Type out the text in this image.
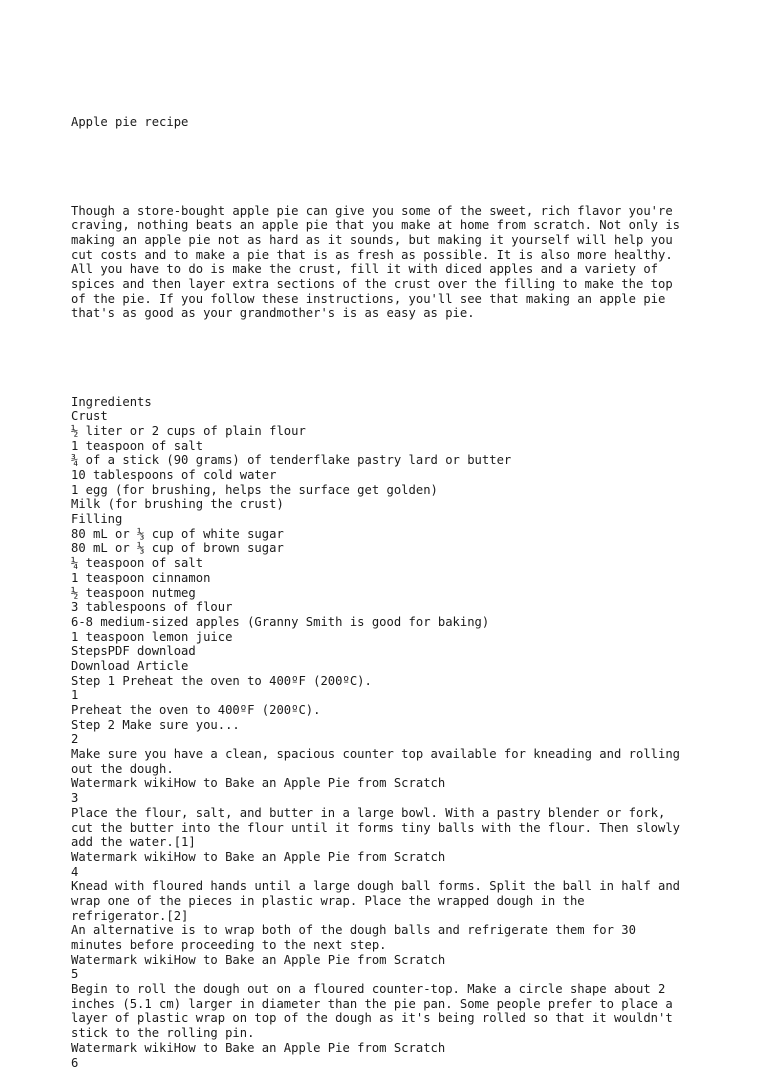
Apple pie recipe

Though a store-bought apple pie can give you some of the sweet, rich flavor you're
craving, nothing beats an apple pie that you make at home from scratch. Not only is
making an apple pie not as hard as it sounds, but making it yourself will help you
cut costs and to make a pie that is as fresh as possible. It is also more healthy.
All you have to do is make the crust, fill it with diced apples and a variety of
spices and then layer extra sections of the crust over the filling to make the top
of the pie. If you follow these instructions, you'll see that making an apple pie
that's as good as your grandmother's is as easy as pie.

Ingredients
Crust
½ liter or 2 cups of plain flour
1 teaspoon of salt
¾ of a stick (90 grams) of tenderflake pastry lard or butter
10 tablespoons of cold water
1 egg (for brushing, helps the surface get golden)
Milk (for brushing the crust)
Filling
80 mL or ⅓ cup of white sugar
80 mL or ⅓ cup of brown sugar
¼ teaspoon of salt
1 teaspoon cinnamon
½ teaspoon nutmeg
3 tablespoons of flour
6-8 medium-sized apples (Granny Smith is good for baking)
1 teaspoon lemon juice
StepsPDF download
Download Article
Step 1 Preheat the oven to 400ºF (200ºC).
1
Preheat the oven to 400ºF (200ºC).
Step 2 Make sure you...
2
Make sure you have a clean, spacious counter top available for kneading and rolling
out the dough.
Watermark wikiHow to Bake an Apple Pie from Scratch
3
Place the flour, salt, and butter in a large bowl. With a pastry blender or fork,
cut the butter into the flour until it forms tiny balls with the flour. Then slowly
add the water.[1]
Watermark wikiHow to Bake an Apple Pie from Scratch
4
Knead with floured hands until a large dough ball forms. Split the ball in half and
wrap one of the pieces in plastic wrap. Place the wrapped dough in the
refrigerator.[2]
An alternative is to wrap both of the dough balls and refrigerate them for 30
minutes before proceeding to the next step.
Watermark wikiHow to Bake an Apple Pie from Scratch
5
Begin to roll the dough out on a floured counter-top. Make a circle shape about 2
inches (5.1 cm) larger in diameter than the pie pan. Some people prefer to place a
layer of plastic wrap on top of the dough as it's being rolled so that it wouldn't
stick to the rolling pin.
Watermark wikiHow to Bake an Apple Pie from Scratch
6
